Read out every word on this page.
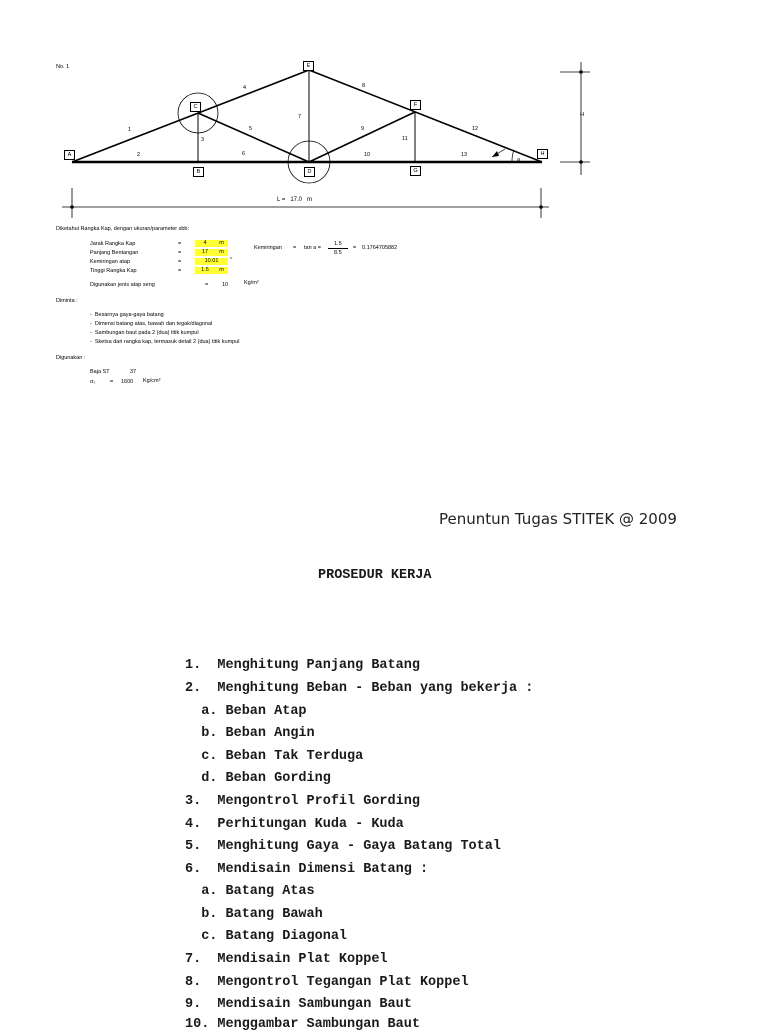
A
B
C
D
E
F
G
H
1
2
3
4
5
6
7
8
9
10
11
12
13
a
H
L = 17.0 m
No. 1
Diketahui Rangka Kap, dengan ukuran/parameter sbb:
Jarak Rangka Kap	=	4	m
Panjang Bentangan	=	17	m
Kemiringan atap	=	10.01	°
Tinggi Rangka Kap	=	1.5	m
Kemiringan = tan a =
1.5
8.5
= 0.1764705882
Digunakan jenis atap seng	=	10	Kg/m²
Diminta :
-  Besarnya gaya-gaya batang
-  Dimensi batang atas, bawah dan tegak/diagonal
-  Sambungan baut pada 2 (dua) titik kumpul
-  Sketsa dari rangka kap, termasuk detail 2 (dua) titik kumpul
Digunakan :
Baja ST	37
σₛ	= 1600 Kg/cm²
Penuntun Tugas STITEK @ 2009
PROSEDUR KERJA
1.  Menghitung Panjang Batang
2.  Menghitung Beban - Beban yang bekerja :
a. Beban Atap
b. Beban Angin
c. Beban Tak Terduga
d. Beban Gording
3.  Mengontrol Profil Gording
4.  Perhitungan Kuda - Kuda
5.  Menghitung Gaya - Gaya Batang Total
6.  Mendisain Dimensi Batang :
a. Batang Atas
b. Batang Bawah
c. Batang Diagonal
7.  Mendisain Plat Koppel
8.  Mengontrol Tegangan Plat Koppel
9.  Mendisain Sambungan Baut
10. Menggambar Sambungan Baut
